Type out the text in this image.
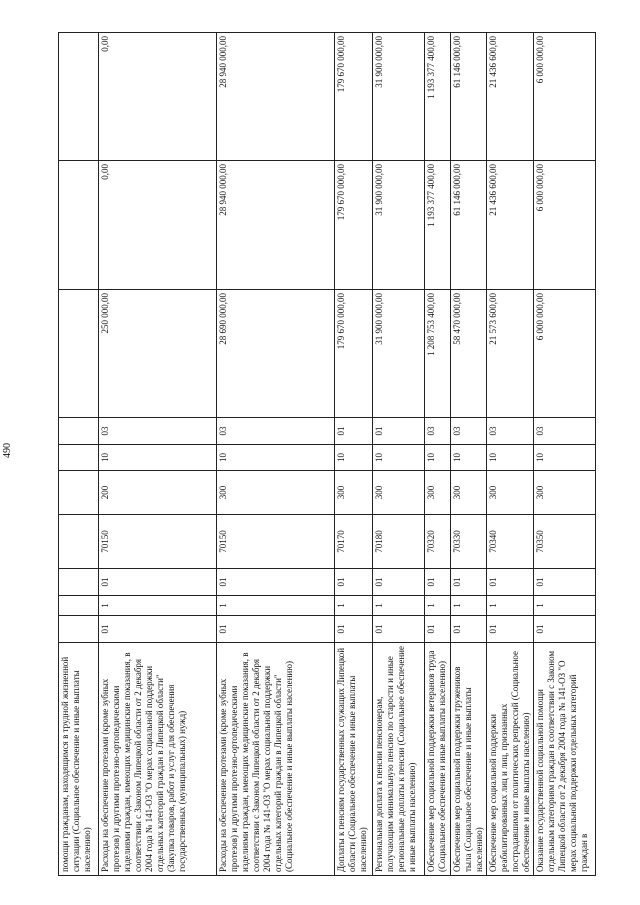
490
помощи гражданам, находящимся в трудной жизненной ситуации (Социальное обеспечение и иные выплаты населению)										
Расходы на обеспечение протезами (кроме зубных протезов) и другими протезно-ортопедическими изделиями граждан, имеющих медицинские показания, в соответствии с Законом Липецкой области от 2 декабря 2004 года № 141-ОЗ "О мерах социальной поддержки отдельных категорий граждан в Липецкой области" (Закупка товаров, работ и услуг для обеспечения государственных (муниципальных) нужд)	01	1	01	70150	200	10	03	250 000,00	0,00	0,00
Расходы на обеспечение протезами (кроме зубных протезов) и другими протезно-ортопедическими изделиями граждан, имеющих медицинские показания, в соответствии с Законом Липецкой области от 2 декабря 2004 года № 141-ОЗ "О мерах социальной поддержки отдельных категорий граждан в Липецкой области" (Социальное обеспечение и иные выплаты населению)	01	1	01	70150	300	10	03	28 690 000,00	28 940 000,00	28 940 000,00
Доплаты к пенсиям государственных служащих Липецкой области (Социальное обеспечение и иные выплаты населению)	01	1	01	70170	300	10	01	179 670 000,00	179 670 000,00	179 670 000,00
Региональная доплата к пенсии пенсионерам, получающим минимальную пенсию по старости и иные региональные доплаты к пенсии (Социальное обеспечение и иные выплаты населению)	01	1	01	70180	300	10	01	31 900 000,00	31 900 000,00	31 900 000,00
Обеспечение мер социальной поддержки ветеранов труда (Социальное обеспечение и иные выплаты населению)	01	1	01	70320	300	10	03	1 208 753 400,00	1 193 377 400,00	1 193 377 400,00
Обеспечение мер социальной поддержки тружеников тыла (Социальное обеспечение и иные выплаты населению)	01	1	01	70330	300	10	03	58 470 000,00	61 146 000,00	61 146 000,00
Обеспечение мер социальной поддержки реабилитированных лиц и лиц, признанных пострадавшими от политических репрессий (Социальное обеспечение и иные выплаты населению)	01	1	01	70340	300	10	03	21 573 600,00	21 436 600,00	21 436 600,00
Оказание государственной социальной помощи отдельным категориям граждан в соответствии с Законом Липецкой области от 2 декабря 2004 года № 141-ОЗ "О мерах социальной поддержки отдельных категорий граждан в	01	1	01	70350	300	10	03	6 000 000,00	6 000 000,00	6 000 000,00
